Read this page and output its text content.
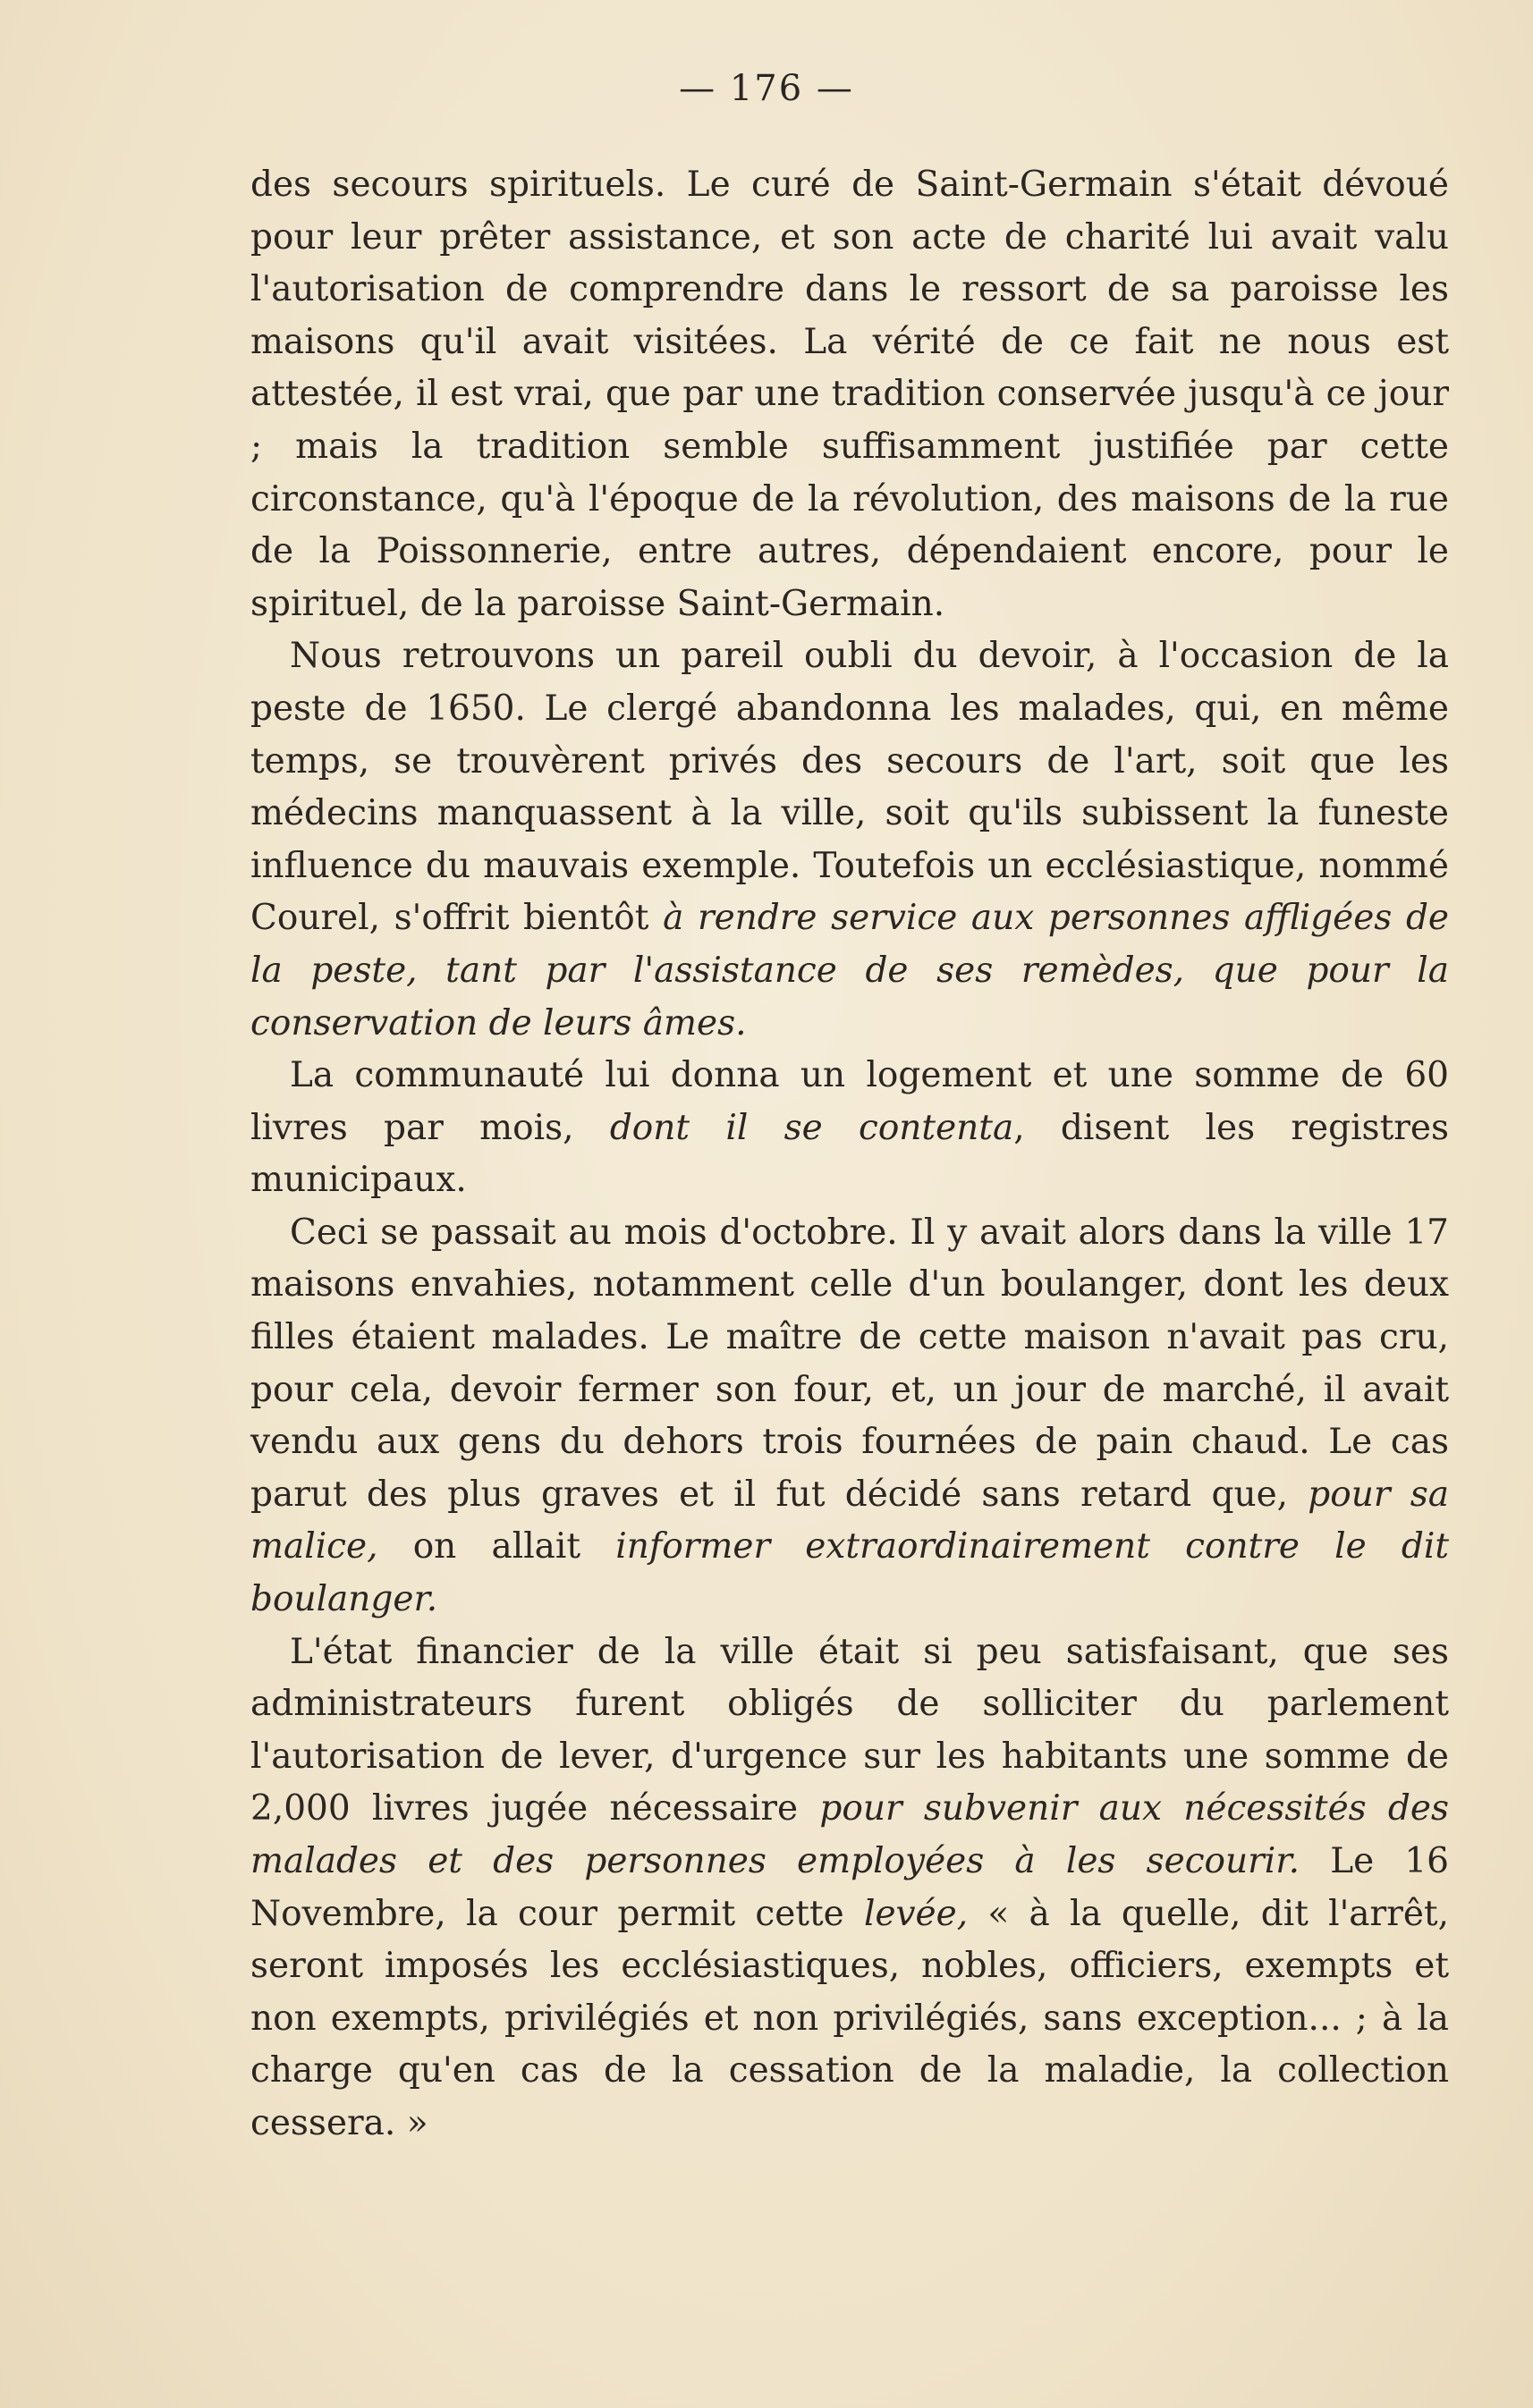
— 176 —

des secours spirituels. Le curé de Saint-Germain s'était dévoué pour leur prêter assistance, et son acte de charité lui avait valu l'autorisation de comprendre dans le ressort de sa paroisse les maisons qu'il avait visitées. La vérité de ce fait ne nous est attestée, il est vrai, que par une tradition conservée jusqu'à ce jour ; mais la tradition semble suffisamment justifiée par cette circonstance, qu'à l'époque de la révolution, des maisons de la rue de la Poissonnerie, entre autres, dépendaient encore, pour le spirituel, de la paroisse Saint-Germain.

Nous retrouvons un pareil oubli du devoir, à l'occasion de la peste de 1650. Le clergé abandonna les malades, qui, en même temps, se trouvèrent privés des secours de l'art, soit que les médecins manquassent à la ville, soit qu'ils subissent la funeste influence du mauvais exemple. Toutefois un ecclésiastique, nommé Courel, s'offrit bientôt à rendre service aux personnes affligées de la peste, tant par l'assistance de ses remèdes, que pour la conservation de leurs âmes.

La communauté lui donna un logement et une somme de 60 livres par mois, dont il se contenta, disent les registres municipaux.

Ceci se passait au mois d'octobre. Il y avait alors dans la ville 17 maisons envahies, notamment celle d'un boulanger, dont les deux filles étaient malades. Le maître de cette maison n'avait pas cru, pour cela, devoir fermer son four, et, un jour de marché, il avait vendu aux gens du dehors trois fournées de pain chaud. Le cas parut des plus graves et il fut décidé sans retard que, pour sa malice, on allait informer extraordinairement contre le dit boulanger.

L'état financier de la ville était si peu satisfaisant, que ses administrateurs furent obligés de solliciter du parlement l'autorisation de lever, d'urgence sur les habitants une somme de 2,000 livres jugée nécessaire pour subvenir aux nécessités des malades et des personnes employées à les secourir. Le 16 Novembre, la cour permit cette levée, « à la quelle, dit l'arrêt, seront imposés les ecclésiastiques, nobles, officiers, exempts et non exempts, privilégiés et non privilégiés, sans exception... ; à la charge qu'en cas de la cessation de la maladie, la collection cessera. »
